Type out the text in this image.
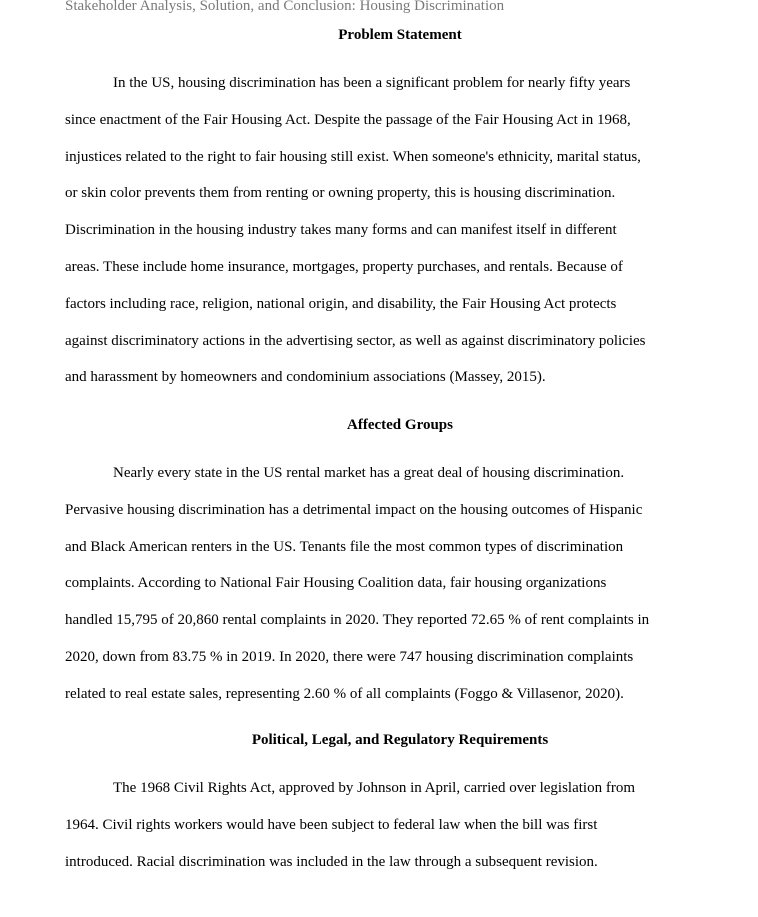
Stakeholder Analysis, Solution, and Conclusion: Housing Discrimination
Problem Statement
In the US, housing discrimination has been a significant problem for nearly fifty years
since enactment of the Fair Housing Act. Despite the passage of the Fair Housing Act in 1968,
injustices related to the right to fair housing still exist. When someone's ethnicity, marital status,
or skin color prevents them from renting or owning property, this is housing discrimination.
Discrimination in the housing industry takes many forms and can manifest itself in different
areas. These include home insurance, mortgages, property purchases, and rentals. Because of
factors including race, religion, national origin, and disability, the Fair Housing Act protects
against discriminatory actions in the advertising sector, as well as against discriminatory policies
and harassment by homeowners and condominium associations (Massey, 2015).
Affected Groups
Nearly every state in the US rental market has a great deal of housing discrimination.
Pervasive housing discrimination has a detrimental impact on the housing outcomes of Hispanic
and Black American renters in the US. Tenants file the most common types of discrimination
complaints. According to National Fair Housing Coalition data, fair housing organizations
handled 15,795 of 20,860 rental complaints in 2020. They reported 72.65 % of rent complaints in
2020, down from 83.75 % in 2019. In 2020, there were 747 housing discrimination complaints
related to real estate sales, representing 2.60 % of all complaints (Foggo & Villasenor, 2020).
Political, Legal, and Regulatory Requirements
The 1968 Civil Rights Act, approved by Johnson in April, carried over legislation from
1964. Civil rights workers would have been subject to federal law when the bill was first
introduced. Racial discrimination was included in the law through a subsequent revision.
